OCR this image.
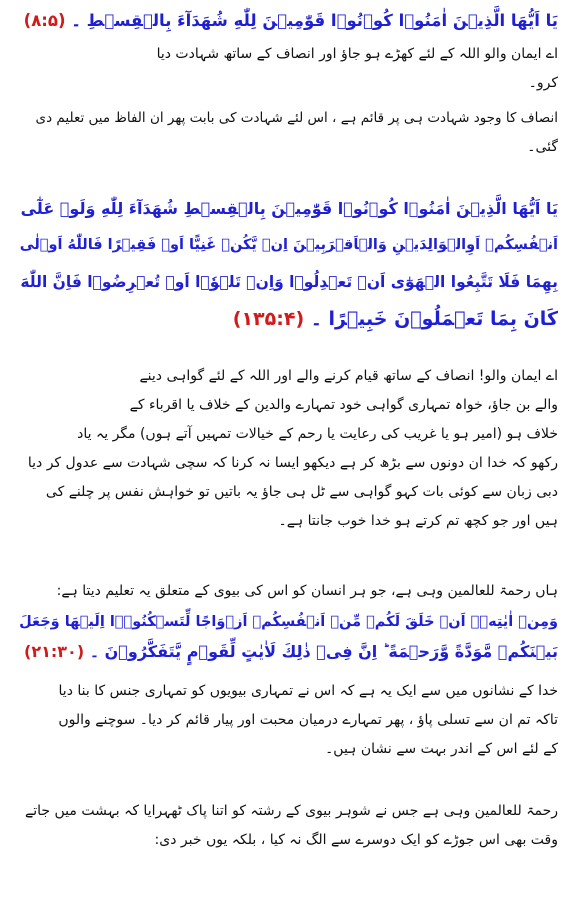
يَا اَيُّهَا الَّذِيۡنَ اٰمَنُوۡا كُوۡنُوۡا قَوّٰمِيۡنَ لِلّٰهِ شُهَدَآءَ بِالۡقِسۡطِ ۔ (۸:۵)
اے ایمان والو اللہ کے لئے کھڑے ہو جاؤ اور انصاف کے ساتھ شہادت دیا
کرو۔
انصاف کا وجود شہادت ہی پر قائم ہے ، اس لئے شہادت کی بابت پھر ان الفاظ میں تعلیم دی
گئی۔
يَا اَيُّهَا الَّذِيۡنَ اٰمَنُوۡا كُوۡنُوۡا قَوّٰمِيۡنَ بِالۡقِسۡطِ شُهَدَآءَ لِلّٰهِ وَلَوۡ عَلٰٓى
اَنۡفُسِكُمۡ اَوِالۡوَالِدَيۡنِ وَالۡاَقۡرَبِيۡنَ اِنۡ يَّكُنۡ غَنِيًّا اَوۡ فَقِيۡرًا فَاللّٰهُ اَوۡلٰى
بِهِمَا فَلَا تَتَّبِعُوا الۡهَوٰٓى اَنۡ تَعۡدِلُوۡا وَاِنۡ تَلۡوٗۤا اَوۡ تُعۡرِضُوۡا فَاِنَّ اللّٰهَ
كَانَ بِمَا تَعۡمَلُوۡنَ خَبِيۡرًا ۔ (۱۳۵:۴)
اے ایمان والو! انصاف کے ساتھ قیام کرنے والے اور اللہ کے لئے گواہی دینے
والے بن جاؤ، خواہ تمہاری گواہی خود تمہارے والدین کے خلاف یا اقرباء کے
خلاف ہو (امیر ہو یا غریب کی رعایت یا رحم کے خیالات تمہیں آتے ہوں) مگر یہ یاد
رکھو کہ خدا ان دونوں سے بڑھ کر ہے دیکھو ایسا نہ کرنا کہ سچی شہادت سے عدول کر دیا
دبی زبان سے کوئی بات کہو گواہی سے ٹل ہی جاؤ یہ باتیں تو خواہش نفس پر چلنے کی
ہیں اور جو کچھ تم کرتے ہو خدا خوب جانتا ہے۔
ہاں رحمۃ للعالمین وہی ہے، جو ہر انسان کو اس کی بیوی کے متعلق یہ تعلیم دیتا ہے:
وَمِنۡ اٰيٰتِهٖۤ اَنۡ خَلَقَ لَكُمۡ مِّنۡ اَنۡفُسِكُمۡ اَزۡوَاجًا لِّتَسۡكُنُوۡۤا اِلَيۡهَا وَجَعَلَ
بَيۡنَكُمۡ مَّوَدَّةً وَّرَحۡمَةً ؕ اِنَّ فِىۡ ذٰلِكَ لَاٰيٰتٍ لِّقَوۡمٍ يَّتَفَكَّرُوۡنَ ۔ (۲۱:۳۰)
خدا کے نشانوں میں سے ایک یہ ہے کہ اس نے تمہاری بیویوں کو تمہاری جنس کا بنا دیا
تاکہ تم ان سے تسلی پاؤ ، پھر تمہارے درمیان محبت اور پیار قائم کر دیا۔ سوچنے والوں
کے لئے اس کے اندر بہت سے نشان ہیں۔
رحمۃ للعالمین وہی ہے جس نے شوہر بیوی کے رشتہ کو اتنا پاک ٹھہرایا کہ بہشت میں جاتے
وقت بھی اس جوڑے کو ایک دوسرے سے الگ نہ کیا ، بلکہ یوں خبر دی:
